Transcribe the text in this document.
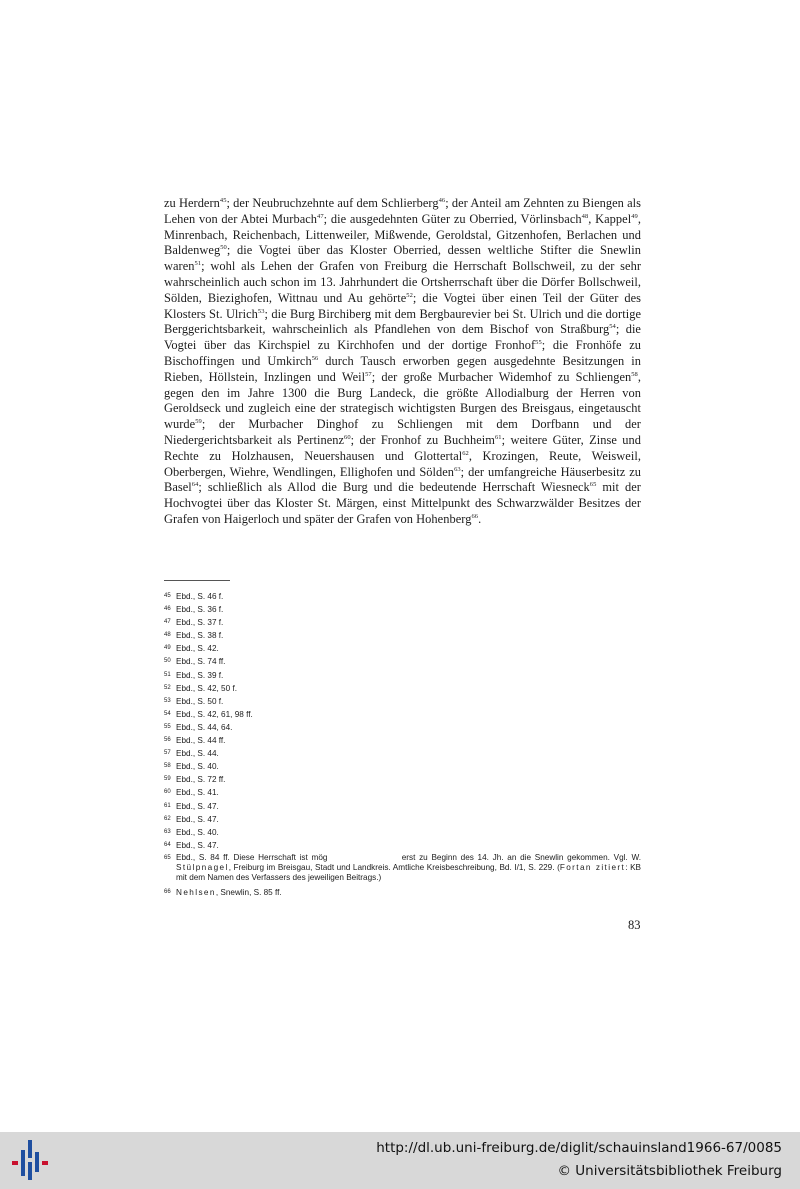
zu Herdern$^{45}$; der Neubruchzehnte auf dem Schlierberg$^{46}$; der Anteil am Zehnten zu Biengen als Lehen von der Abtei Murbach$^{47}$; die ausgedehnten Güter zu Oberried, Vörlinsbach$^{48}$, Kappel$^{49}$, Minrenbach, Reichenbach, Littenweiler, Mißwende, Geroldstal, Gitzenhofen, Berlachen und Baldenweg$^{50}$; die Vogtei über das Kloster Oberried, dessen weltliche Stifter die Snewlin waren$^{51}$; wohl als Lehen der Grafen von Freiburg die Herrschaft Bollschweil, zu der sehr wahrscheinlich auch schon im 13. Jahrhundert die Ortsherrschaft über die Dörfer Bollschweil, Sölden, Biezighofen, Wittnau und Au gehörte$^{52}$; die Vogtei über einen Teil der Güter des Klosters St. Ulrich$^{53}$; die Burg Birchiberg mit dem Bergbaurevier bei St. Ulrich und die dortige Berggerichtsbarkeit, wahrscheinlich als Pfandlehen von dem Bischof von Straßburg$^{54}$; die Vogtei über das Kirchspiel zu Kirchhofen und der dortige Fronhof$^{55}$; die Fronhöfe zu Bischoffingen und Umkirch$^{56}$ durch Tausch erworben gegen ausgedehnte Besitzungen in Rieben, Höllstein, Inzlingen und Weil$^{57}$; der große Murbacher Widemhof zu Schliengen$^{58}$, gegen den im Jahre 1300 die Burg Landeck, die größte Allodialburg der Herren von Geroldseck und zugleich eine der strategisch wichtigsten Burgen des Breisgaus, eingetauscht wurde$^{59}$; der Murbacher Dinghof zu Schliengen mit dem Dorfbann und der Niedergerichtsbarkeit als Pertinenz$^{60}$; der Fronhof zu Buchheim$^{61}$; weitere Güter, Zinse und Rechte zu Holzhausen, Neuershausen und Glottertal$^{62}$, Krozingen, Reute, Weisweil, Oberbergen, Wiehre, Wendlingen, Ellighofen und Sölden$^{63}$; der umfangreiche Häuserbesitz zu Basel$^{64}$; schließlich als Allod die Burg und die bedeutende Herrschaft Wiesneck$^{65}$ mit der Hochvogtei über das Kloster St. Märgen, einst Mittelpunkt des Schwarzwälder Besitzes der Grafen von Haigerloch und später der Grafen von Hohenberg$^{66}$.

45 Ebd., S. 46 f.
46 Ebd., S. 36 f.
47 Ebd., S. 37 f.
48 Ebd., S. 38 f.
49 Ebd., S. 42.
50 Ebd., S. 74 ff.
51 Ebd., S. 39 f.
52 Ebd., S. 42, 50 f.
53 Ebd., S. 50 f.
54 Ebd., S. 42, 61, 98 ff.
55 Ebd., S. 44, 64.
56 Ebd., S. 44 ff.
57 Ebd., S. 44.
58 Ebd., S. 40.
59 Ebd., S. 72 ff.
60 Ebd., S. 41.
61 Ebd., S. 47.
62 Ebd., S. 47.
63 Ebd., S. 40.
64 Ebd., S. 47.
65 Ebd., S. 84 ff. Diese Herrschaft ist mög	erst zu Beginn des 14. Jh. an die Snewlin gekommen. Vgl. W. Stülpnagel, Freiburg im Breisgau, Stadt und Landkreis. Amtliche Kreisbeschreibung, Bd. I/1, S. 229. (Fortan zitiert: KB mit dem Namen des Verfassers des jeweiligen Beitrags.)
66 Nehlsen , Snewlin, S. 85 ff.
83
http://dl.ub.uni-freiburg.de/diglit/schauinsland1966-67/0085
© Universitätsbibliothek Freiburg
